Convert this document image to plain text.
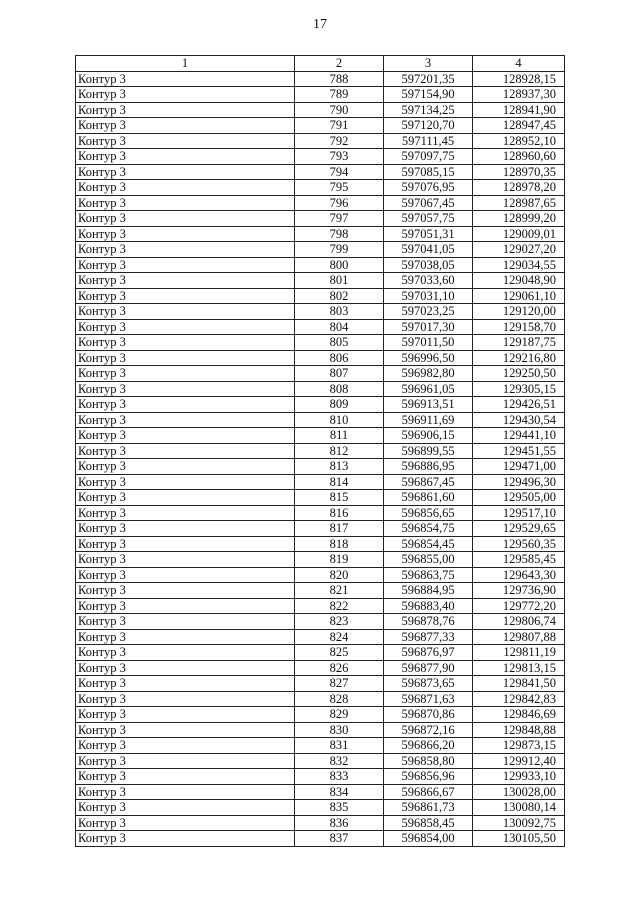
17
1	2	3	4
Контур 3	788	597201,35	128928,15
Контур 3	789	597154,90	128937,30
Контур 3	790	597134,25	128941,90
Контур 3	791	597120,70	128947,45
Контур 3	792	597111,45	128952,10
Контур 3	793	597097,75	128960,60
Контур 3	794	597085,15	128970,35
Контур 3	795	597076,95	128978,20
Контур 3	796	597067,45	128987,65
Контур 3	797	597057,75	128999,20
Контур 3	798	597051,31	129009,01
Контур 3	799	597041,05	129027,20
Контур 3	800	597038,05	129034,55
Контур 3	801	597033,60	129048,90
Контур 3	802	597031,10	129061,10
Контур 3	803	597023,25	129120,00
Контур 3	804	597017,30	129158,70
Контур 3	805	597011,50	129187,75
Контур 3	806	596996,50	129216,80
Контур 3	807	596982,80	129250,50
Контур 3	808	596961,05	129305,15
Контур 3	809	596913,51	129426,51
Контур 3	810	596911,69	129430,54
Контур 3	811	596906,15	129441,10
Контур 3	812	596899,55	129451,55
Контур 3	813	596886,95	129471,00
Контур 3	814	596867,45	129496,30
Контур 3	815	596861,60	129505,00
Контур 3	816	596856,65	129517,10
Контур 3	817	596854,75	129529,65
Контур 3	818	596854,45	129560,35
Контур 3	819	596855,00	129585,45
Контур 3	820	596863,75	129643,30
Контур 3	821	596884,95	129736,90
Контур 3	822	596883,40	129772,20
Контур 3	823	596878,76	129806,74
Контур 3	824	596877,33	129807,88
Контур 3	825	596876,97	129811,19
Контур 3	826	596877,90	129813,15
Контур 3	827	596873,65	129841,50
Контур 3	828	596871,63	129842,83
Контур 3	829	596870,86	129846,69
Контур 3	830	596872,16	129848,88
Контур 3	831	596866,20	129873,15
Контур 3	832	596858,80	129912,40
Контур 3	833	596856,96	129933,10
Контур 3	834	596866,67	130028,00
Контур 3	835	596861,73	130080,14
Контур 3	836	596858,45	130092,75
Контур 3	837	596854,00	130105,50
